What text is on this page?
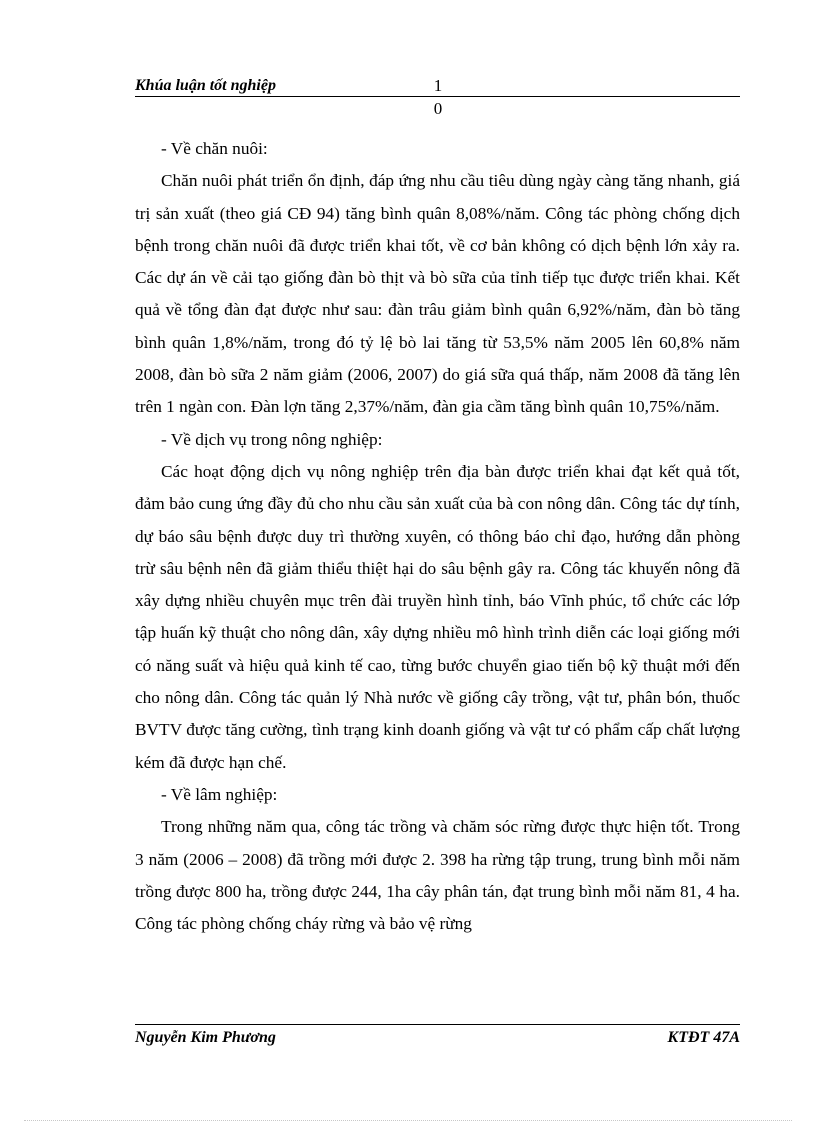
Khúa luận tốt nghiệp	1
0

- Về chăn nuôi:

Chăn nuôi phát triển ổn định, đáp ứng nhu cầu tiêu dùng ngày càng tăng nhanh, giá trị sản xuất (theo giá CĐ 94) tăng bình quân 8,08%/năm. Công tác phòng chống dịch bệnh trong chăn nuôi đã được triển khai tốt, về cơ bản không có dịch bệnh lớn xảy ra. Các dự án về cải tạo giống đàn bò thịt và bò sữa của tỉnh tiếp tục được triển khai. Kết quả về tổng đàn đạt được như sau: đàn trâu giảm bình quân 6,92%/năm, đàn bò tăng bình quân 1,8%/năm, trong đó tỷ lệ bò lai tăng từ 53,5% năm 2005 lên 60,8% năm 2008, đàn bò sữa 2 năm giảm (2006, 2007) do giá sữa quá thấp, năm 2008 đã tăng lên trên 1 ngàn con. Đàn lợn tăng 2,37%/năm, đàn gia cầm tăng bình quân 10,75%/năm.

- Về dịch vụ trong nông nghiệp:

Các hoạt động dịch vụ nông nghiệp trên địa bàn được triển khai đạt kết quả tốt, đảm bảo cung ứng đầy đủ cho nhu cầu sản xuất của bà con nông dân. Công tác dự tính, dự báo sâu bệnh được duy trì thường xuyên, có thông báo chỉ đạo, hướng dẫn phòng trừ sâu bệnh nên đã giảm thiểu thiệt hại do sâu bệnh gây ra. Công tác khuyến nông đã xây dựng nhiều chuyên mục trên đài truyền hình tỉnh, báo Vĩnh phúc, tổ chức các lớp tập huấn kỹ thuật cho nông dân, xây dựng nhiều mô hình trình diễn các loại giống mới có năng suất và hiệu quả kinh tế cao, từng bước chuyển giao tiến bộ kỹ thuật mới đến cho nông dân. Công tác quản lý Nhà nước về giống cây trồng, vật tư, phân bón, thuốc BVTV được tăng cường, tình trạng kinh doanh giống và vật tư có phẩm cấp chất lượng kém đã được hạn chế.

- Về lâm nghiệp:

Trong những năm qua, công tác trồng và chăm sóc rừng được thực hiện tốt. Trong 3 năm (2006 – 2008) đã trồng mới được 2. 398 ha rừng tập trung, trung bình mỗi năm trồng được 800 ha, trồng được 244, 1ha cây phân tán, đạt trung bình mỗi năm 81, 4 ha. Công tác phòng chống cháy rừng và bảo vệ rừng

Nguyễn Kim Phương	KTĐT 47A
